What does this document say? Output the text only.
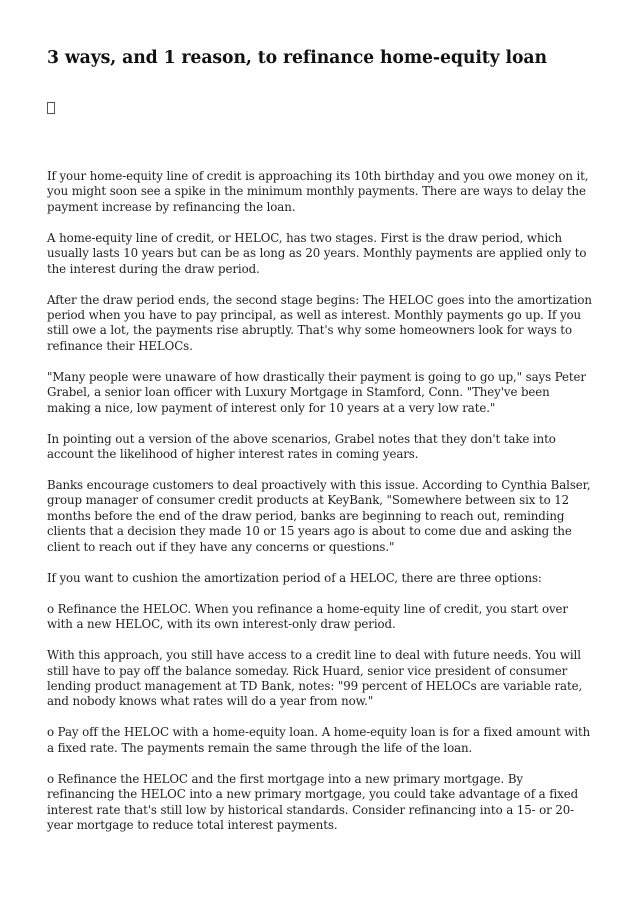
3 ways, and 1 reason, to refinance home-equity loan

If your home-equity line of credit is approaching its 10th birthday and you owe money on it, you might soon see a spike in the minimum monthly payments. There are ways to delay the payment increase by refinancing the loan.

A home-equity line of credit, or HELOC, has two stages. First is the draw period, which usually lasts 10 years but can be as long as 20 years. Monthly payments are applied only to the interest during the draw period.

After the draw period ends, the second stage begins: The HELOC goes into the amortization period when you have to pay principal, as well as interest. Monthly payments go up. If you still owe a lot, the payments rise abruptly. That's why some homeowners look for ways to refinance their HELOCs.

"Many people were unaware of how drastically their payment is going to go up," says Peter Grabel, a senior loan officer with Luxury Mortgage in Stamford, Conn. "They've been making a nice, low payment of interest only for 10 years at a very low rate."

In pointing out a version of the above scenarios, Grabel notes that they don't take into account the likelihood of higher interest rates in coming years.

Banks encourage customers to deal proactively with this issue. According to Cynthia Balser, group manager of consumer credit products at KeyBank, "Somewhere between six to 12 months before the end of the draw period, banks are beginning to reach out, reminding clients that a decision they made 10 or 15 years ago is about to come due and asking the client to reach out if they have any concerns or questions."

If you want to cushion the amortization period of a HELOC, there are three options:

o Refinance the HELOC. When you refinance a home-equity line of credit, you start over with a new HELOC, with its own interest-only draw period.

With this approach, you still have access to a credit line to deal with future needs. You will still have to pay off the balance someday. Rick Huard, senior vice president of consumer lending product management at TD Bank, notes: "99 percent of HELOCs are variable rate, and nobody knows what rates will do a year from now."

o Pay off the HELOC with a home-equity loan. A home-equity loan is for a fixed amount with a fixed rate. The payments remain the same through the life of the loan.

o Refinance the HELOC and the first mortgage into a new primary mortgage. By refinancing the HELOC into a new primary mortgage, you could take advantage of a fixed interest rate that's still low by historical standards. Consider refinancing into a 15- or 20-year mortgage to reduce total interest payments.
